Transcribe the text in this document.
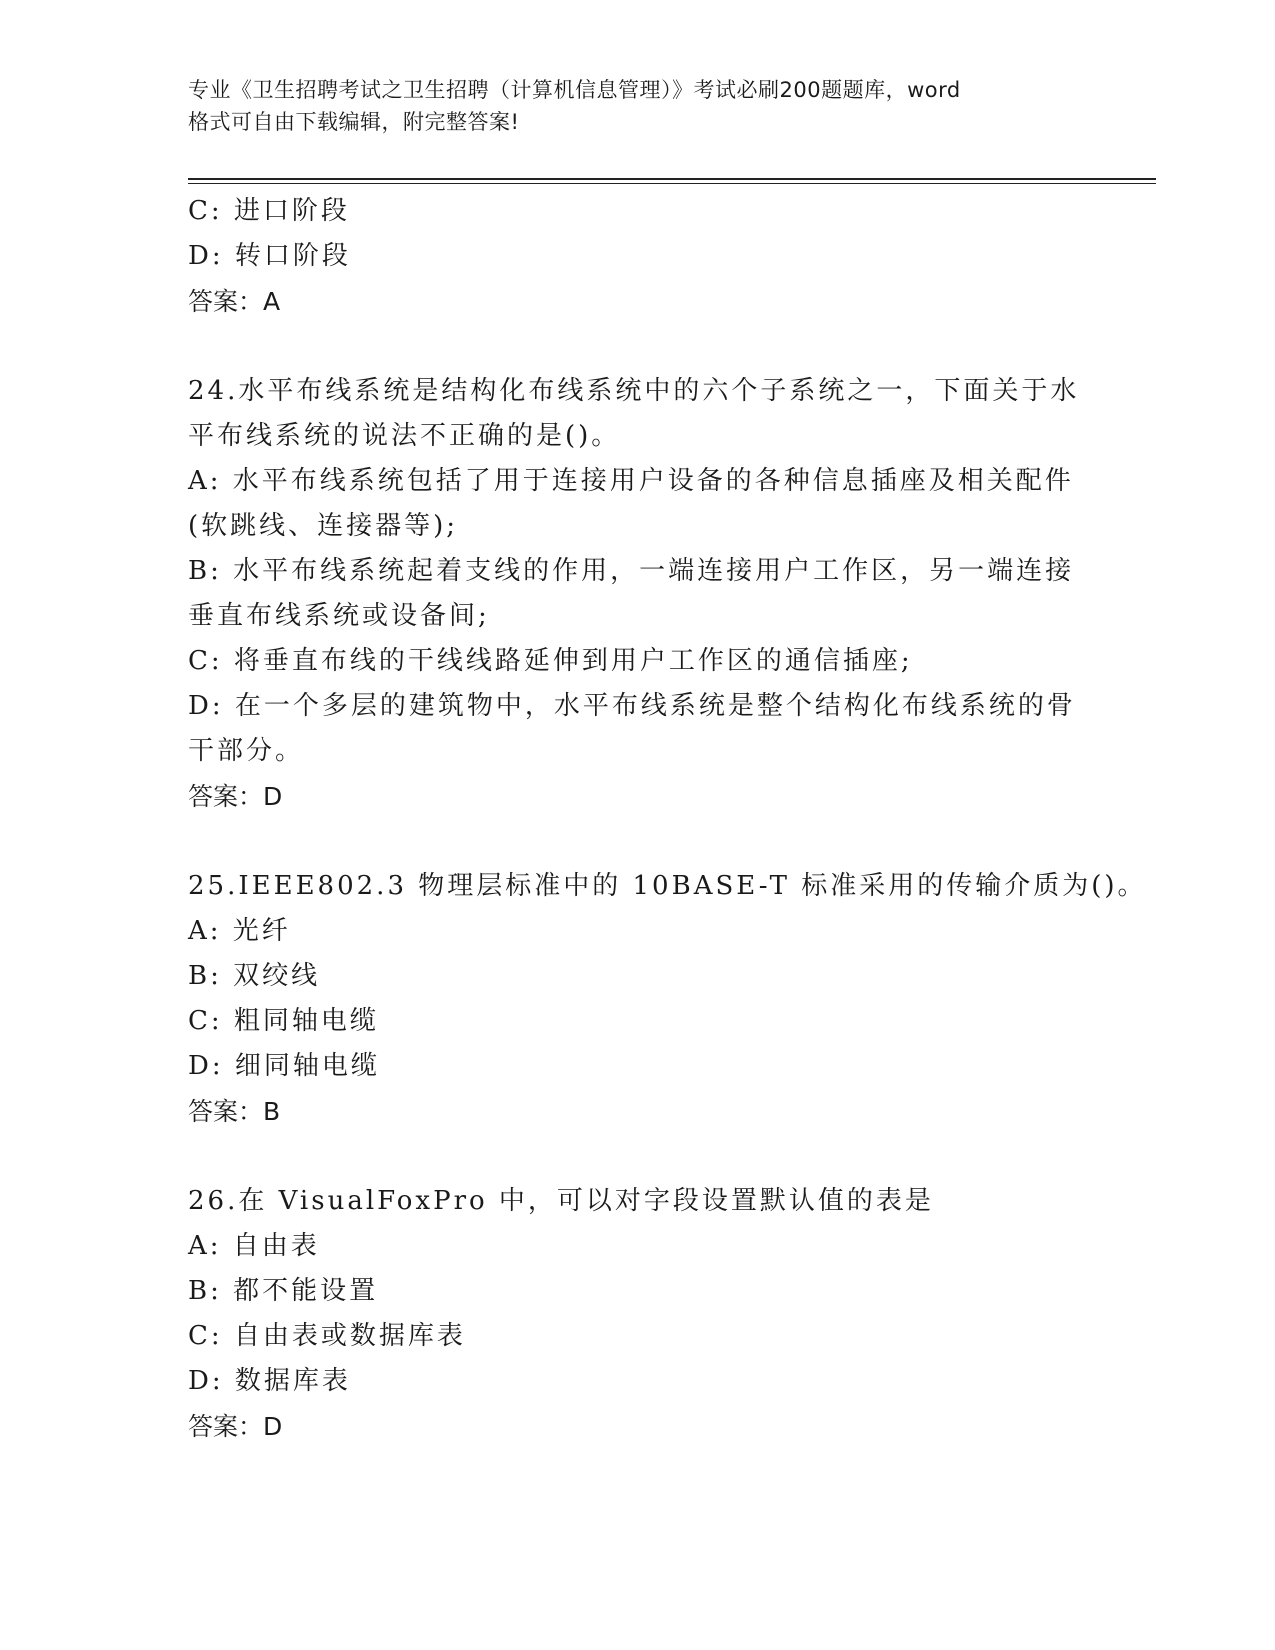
专业《卫生招聘考试之卫生招聘（计算机信息管理）》考试必刷200题题库，word
格式可自由下载编辑，附完整答案!
C: 进口阶段
D: 转口阶段
答案：A
24.水平布线系统是结构化布线系统中的六个子系统之一，下面关于水
平布线系统的说法不正确的是()。
A: 水平布线系统包括了用于连接用户设备的各种信息插座及相关配件
(软跳线、连接器等);
B: 水平布线系统起着支线的作用，一端连接用户工作区，另一端连接
垂直布线系统或设备间;
C: 将垂直布线的干线线路延伸到用户工作区的通信插座;
D: 在一个多层的建筑物中，水平布线系统是整个结构化布线系统的骨
干部分。
答案：D
25.IEEE802.3 物理层标准中的 10BASE-T 标准采用的传输介质为()。
A: 光纤
B: 双绞线
C: 粗同轴电缆
D: 细同轴电缆
答案：B
26.在 VisualFoxPro 中，可以对字段设置默认值的表是
A: 自由表
B: 都不能设置
C: 自由表或数据库表
D: 数据库表
答案：D
